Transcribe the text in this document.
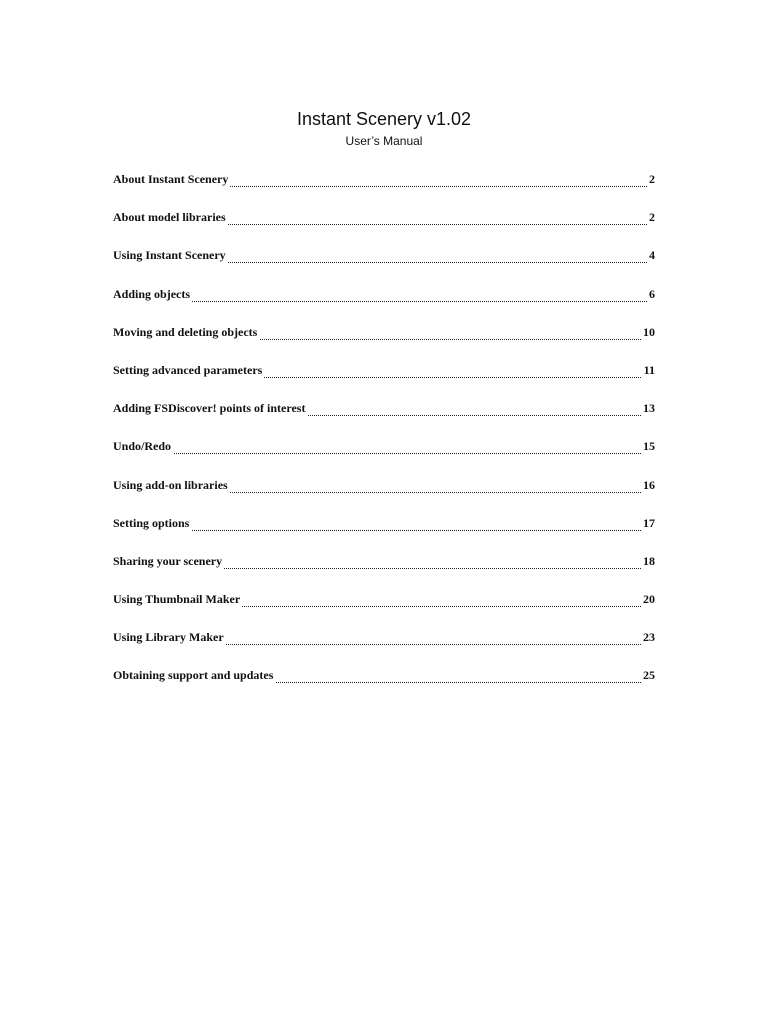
Instant Scenery v1.02
User’s Manual
About Instant Scenery	2
About model libraries	2
Using Instant Scenery	4
Adding objects	6
Moving and deleting objects	10
Setting advanced parameters	11
Adding FSDiscover! points of interest	13
Undo/Redo	15
Using add-on libraries	16
Setting options	17
Sharing your scenery	18
Using Thumbnail Maker	20
Using Library Maker	23
Obtaining support and updates	25
